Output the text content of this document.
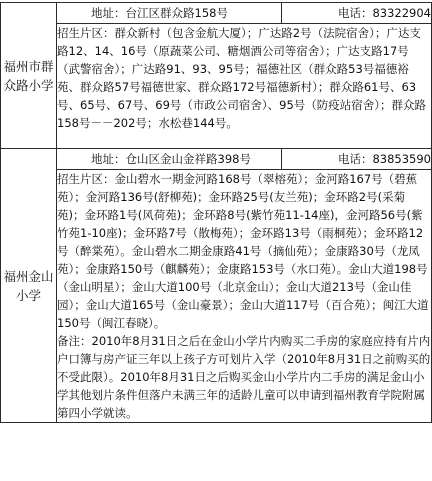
福州市群众路小学	地址：台江区群众路158号 电话：83322904

	招生片区：群众新村（包含金航大厦）；广达路2号（法院宿舍）；广达支路12、14、16号（原蔬菜公司、糖烟酒公司等宿舍）；广达支路17号（武警宿舍）；广达路91、93、95号；福德社区（群众路53号福德裕苑、群众路57号福德世家、群众路172号福德新村）；群众路61号、63号、65号、67号、69号（市政公司宿舍）、95号（防疫站宿舍）；群众路158号－－202号；水松巷144号。

福州金山小学	地址：仓山区金山金祥路398号 电话：83853590

	招生片区：金山碧水一期金河路168号（翠榕苑）；金河路167号（碧蕉苑）；金河路136号(舒柳苑)；金环路25号(友兰苑)；金环路2号(采菊苑)；金环路1号(风荷苑)；金环路8号(紫竹苑11-14座)，金河路56号(紫竹苑1-10座)；金环路7号（散梅苑）；金环路13号（雨桐苑）；金环路12号（醉棠苑）。金山碧水二期金康路41号（摘仙苑）；金康路30号（龙凤苑）；金康路150号（麒麟苑）；金康路153号（水口苑）。金山大道198号（金山明星）；金山大道100号（北京金山）；金山大道213号（金山佳园）；金山大道165号（金山豪景）；金山大道117号（百合苑）；闽江大道150号（闽江春晓）。

备注：2010年8月31日之后在金山小学片内购买二手房的家庭应持有片内户口簿与房产证三年以上孩子方可划片入学（2010年8月31日之前购买的不受此限）。2010年8月31日之后购买金山小学片内二手房的满足金山小学其他划片条件但落户未满三年的适龄儿童可以申请到福州教育学院附属第四小学就读。
